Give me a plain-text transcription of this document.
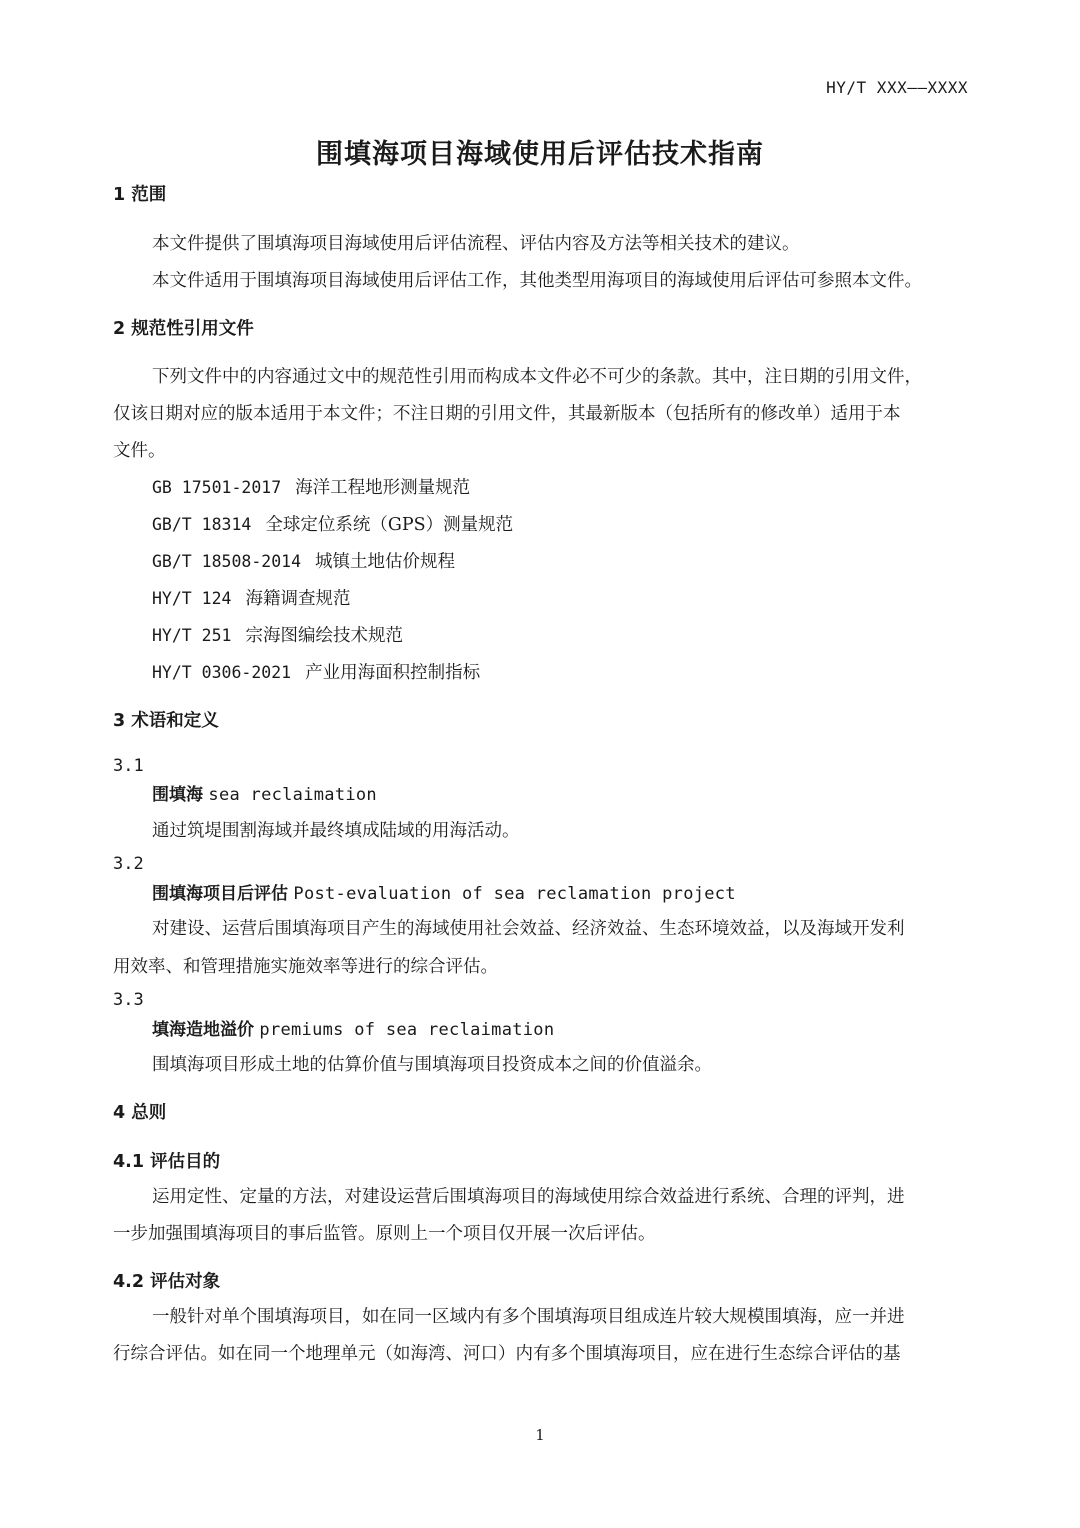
HY/T XXX——XXXX
围填海项目海域使用后评估技术指南
1 范围
本文件提供了围填海项目海域使用后评估流程、评估内容及方法等相关技术的建议。
本文件适用于围填海项目海域使用后评估工作，其他类型用海项目的海域使用后评估可参照本文件。
2 规范性引用文件
下列文件中的内容通过文中的规范性引用而构成本文件必不可少的条款。其中，注日期的引用文件，
仅该日期对应的版本适用于本文件；不注日期的引用文件，其最新版本（包括所有的修改单）适用于本
文件。
GB 17501-2017 海洋工程地形测量规范
GB/T 18314 全球定位系统（GPS）测量规范
GB/T 18508-2014 城镇土地估价规程
HY/T 124 海籍调查规范
HY/T 251 宗海图编绘技术规范
HY/T 0306-2021 产业用海面积控制指标
3 术语和定义
3.1
围填海 sea reclaimation
通过筑堤围割海域并最终填成陆域的用海活动。
3.2
围填海项目后评估 Post-evaluation of sea reclamation project
对建设、运营后围填海项目产生的海域使用社会效益、经济效益、生态环境效益，以及海域开发利
用效率、和管理措施实施效率等进行的综合评估。
3.3
填海造地溢价 premiums of sea reclaimation
围填海项目形成土地的估算价值与围填海项目投资成本之间的价值溢余。
4 总则
4.1 评估目的
运用定性、定量的方法，对建设运营后围填海项目的海域使用综合效益进行系统、合理的评判，进
一步加强围填海项目的事后监管。原则上一个项目仅开展一次后评估。
4.2 评估对象
一般针对单个围填海项目，如在同一区域内有多个围填海项目组成连片较大规模围填海，应一并进
行综合评估。如在同一个地理单元（如海湾、河口）内有多个围填海项目，应在进行生态综合评估的基
1
